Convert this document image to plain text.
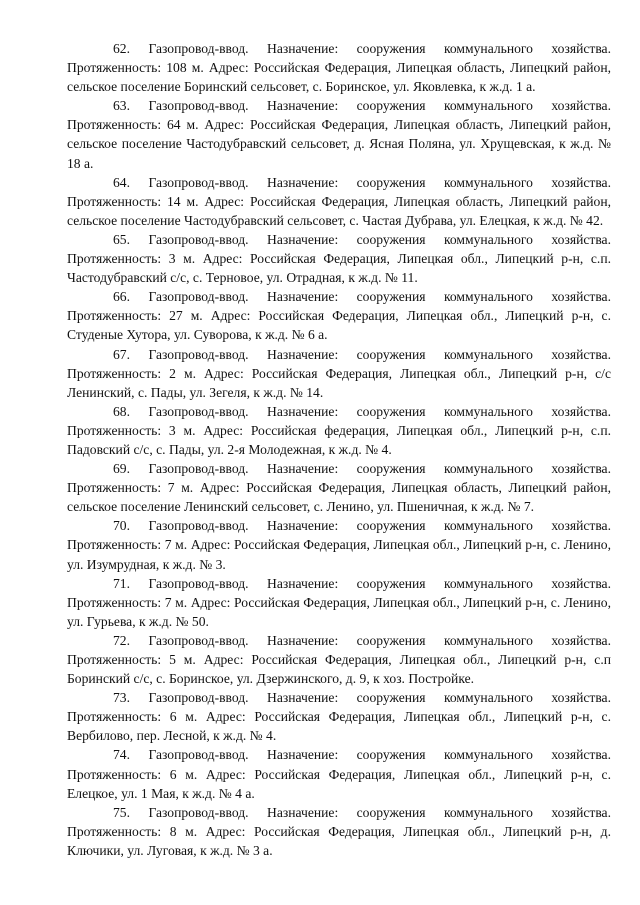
62. Газопровод-ввод. Назначение: сооружения коммунального хозяйства. Протяженность: 108 м. Адрес: Российская Федерация, Липецкая область, Липецкий район, сельское поселение Боринский сельсовет, с. Боринское, ул. Яковлевка, к ж.д. 1 а.

63. Газопровод-ввод. Назначение: сооружения коммунального хозяйства. Протяженность: 64 м. Адрес: Российская Федерация, Липецкая область, Липецкий район, сельское поселение Частодубравский сельсовет, д. Ясная Поляна, ул. Хрущевская, к ж.д. № 18 а.

64. Газопровод-ввод. Назначение: сооружения коммунального хозяйства. Протяженность: 14 м. Адрес: Российская Федерация, Липецкая область, Липецкий район, сельское поселение Частодубравский сельсовет, с. Частая Дубрава, ул. Елецкая, к ж.д. № 42.

65. Газопровод-ввод. Назначение: сооружения коммунального хозяйства. Протяженность: 3 м. Адрес: Российская Федерация, Липецкая обл., Липецкий р-н, с.п. Частодубравский с/с, с. Терновое, ул. Отрадная, к ж.д. № 11.

66. Газопровод-ввод. Назначение: сооружения коммунального хозяйства. Протяженность: 27 м. Адрес: Российская Федерация, Липецкая обл., Липецкий р-н, с. Студеные Хутора, ул. Суворова, к ж.д. № 6 а.

67. Газопровод-ввод. Назначение: сооружения коммунального хозяйства. Протяженность: 2 м. Адрес: Российская Федерация, Липецкая обл., Липецкий р-н, с/с Ленинский, с. Пады, ул. Зегеля, к ж.д. № 14.

68. Газопровод-ввод. Назначение: сооружения коммунального хозяйства. Протяженность: 3 м. Адрес: Российская федерация, Липецкая обл., Липецкий р-н, с.п. Падовский с/с, с. Пады, ул. 2-я Молодежная, к ж.д. № 4.

69. Газопровод-ввод. Назначение: сооружения коммунального хозяйства. Протяженность: 7 м. Адрес: Российская Федерация, Липецкая область, Липецкий район, сельское поселение Ленинский сельсовет, с. Ленино, ул. Пшеничная, к ж.д. № 7.

70. Газопровод-ввод. Назначение: сооружения коммунального хозяйства. Протяженность: 7 м. Адрес: Российская Федерация, Липецкая обл., Липецкий р-н, с. Ленино, ул. Изумрудная, к ж.д. № 3.

71. Газопровод-ввод. Назначение: сооружения коммунального хозяйства. Протяженность: 7 м. Адрес: Российская Федерация, Липецкая обл., Липецкий р-н, с. Ленино, ул. Гурьева, к ж.д. № 50.

72. Газопровод-ввод. Назначение: сооружения коммунального хозяйства. Протяженность: 5 м. Адрес: Российская Федерация, Липецкая обл., Липецкий р-н, с.п Боринский с/с, с. Боринское, ул. Дзержинского, д. 9, к хоз. Постройке.

73. Газопровод-ввод. Назначение: сооружения коммунального хозяйства. Протяженность: 6 м. Адрес: Российская Федерация, Липецкая обл., Липецкий р-н, с. Вербилово, пер. Лесной, к ж.д. № 4.

74. Газопровод-ввод. Назначение: сооружения коммунального хозяйства. Протяженность: 6 м. Адрес: Российская Федерация, Липецкая обл., Липецкий р-н, с. Елецкое, ул. 1 Мая, к ж.д. № 4 а.

75. Газопровод-ввод. Назначение: сооружения коммунального хозяйства. Протяженность: 8 м. Адрес: Российская Федерация, Липецкая обл., Липецкий р-н, д. Ключики, ул. Луговая, к ж.д. № 3 а.
